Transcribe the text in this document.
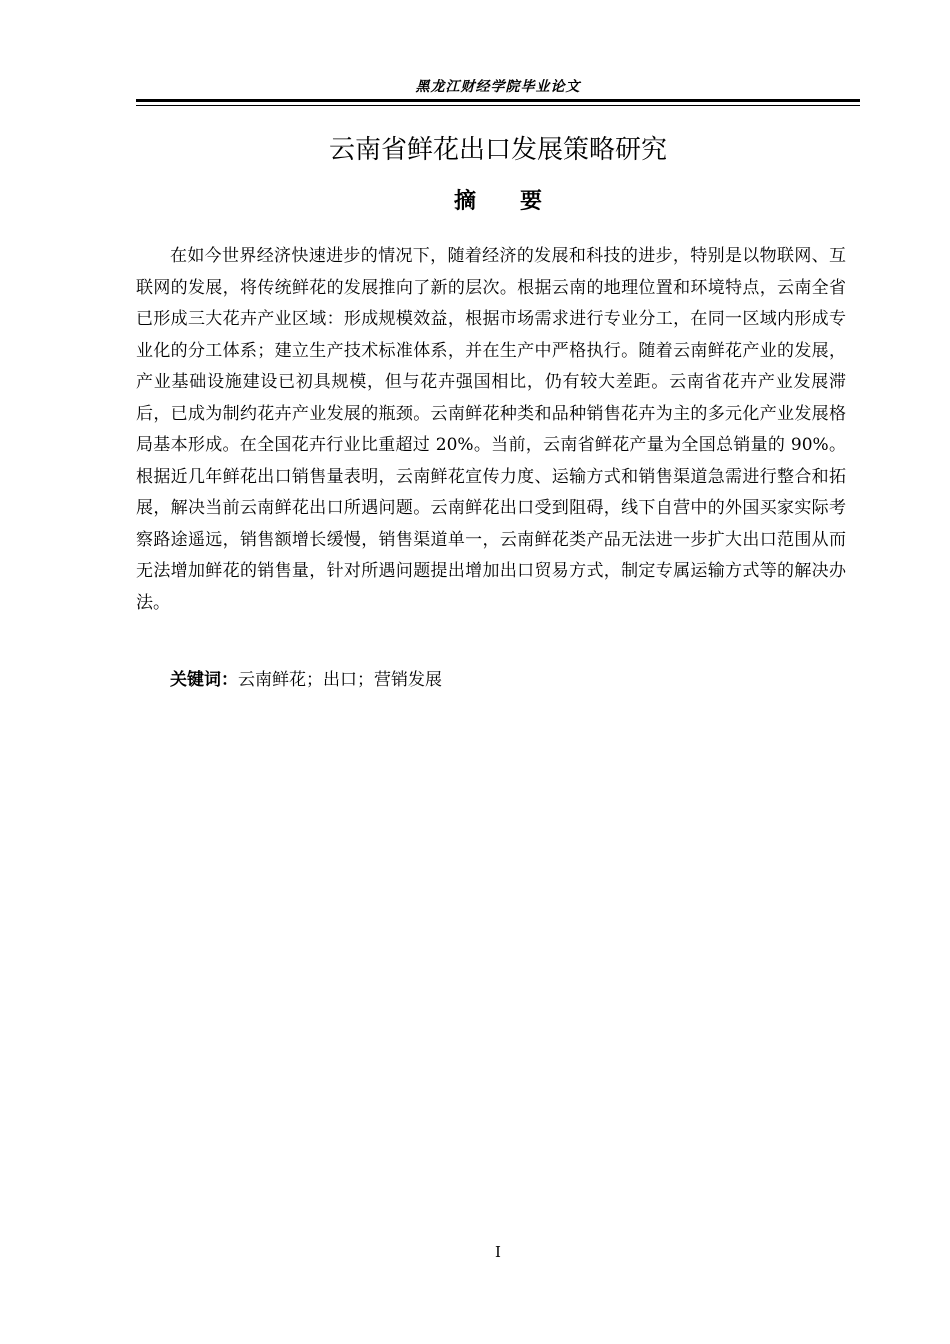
黑龙江财经学院毕业论文
云南省鲜花出口发展策略研究
摘要

在如今世界经济快速进步的情况下，随着经济的发展和科技的进步，特别是以物联网、互联网的发展，将传统鲜花的发展推向了新的层次。根据云南的地理位置和环境特点，云南全省已形成三大花卉产业区域：形成规模效益，根据市场需求进行专业分工，在同一区域内形成专业化的分工体系；建立生产技术标准体系，并在生产中严格执行。随着云南鲜花产业的发展，产业基础设施建设已初具规模，但与花卉强国相比，仍有较大差距。云南省花卉产业发展滞后，已成为制约花卉产业发展的瓶颈。云南鲜花种类和品种销售花卉为主的多元化产业发展格局基本形成。在全国花卉行业比重超过 20%。当前，云南省鲜花产量为全国总销量的 90%。根据近几年鲜花出口销售量表明，云南鲜花宣传力度、运输方式和销售渠道急需进行整合和拓展，解决当前云南鲜花出口所遇问题。云南鲜花出口受到阻碍，线下自营中的外国买家实际考察路途遥远，销售额增长缓慢，销售渠道单一，云南鲜花类产品无法进一步扩大出口范围从而无法增加鲜花的销售量，针对所遇问题提出增加出口贸易方式，制定专属运输方式等的解决办法。

关键词：云南鲜花；出口；营销发展

I
